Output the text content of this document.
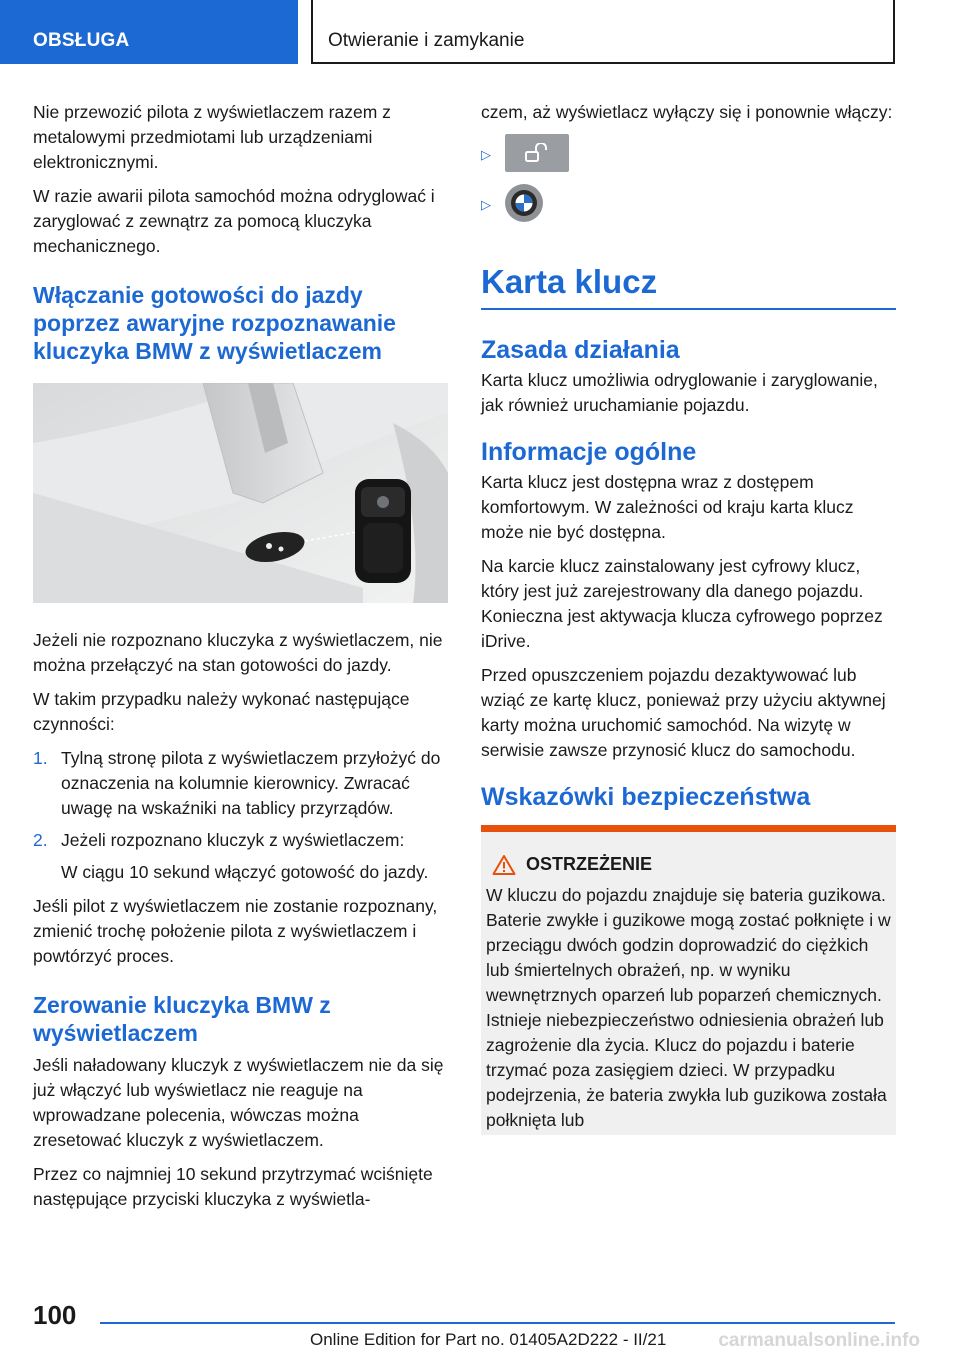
OBSŁUGA	Otwieranie i zamykanie

Nie przewozić pilota z wyświetlaczem razem z metalowymi przedmiotami lub urządzeniami elektronicznymi.

W razie awarii pilota samochód można odryglować i zaryglować z zewnątrz za pomocą kluczyka mechanicznego.

Włączanie gotowości do jazdy poprzez awaryjne rozpoznawanie kluczyka BMW z wyświetlaczem

Jeżeli nie rozpoznano kluczyka z wyświetlaczem, nie można przełączyć na stan gotowości do jazdy.

W takim przypadku należy wykonać następujące czynności:

1. Tylną stronę pilota z wyświetlaczem przyłożyć do oznaczenia na kolumnie kierownicy. Zwracać uwagę na wskaźniki na tablicy przyrządów.
2. Jeżeli rozpoznano kluczyk z wyświetlaczem:

W ciągu 10 sekund włączyć gotowość do jazdy.

Jeśli pilot z wyświetlaczem nie zostanie rozpoznany, zmienić trochę położenie pilota z wyświetlaczem i powtórzyć proces.

Zerowanie kluczyka BMW z wyświetlaczem

Jeśli naładowany kluczyk z wyświetlaczem nie da się już włączyć lub wyświetlacz nie reaguje na wprowadzane polecenia, wówczas można zresetować kluczyk z wyświetlaczem.

Przez co najmniej 10 sekund przytrzymać wciśnięte następujące przyciski kluczyka z wyświetla-

czem, aż wyświetlacz wyłączy się i ponownie włączy:

▷
▷
Karta klucz
Zasada działania

Karta klucz umożliwia odryglowanie i zaryglowanie, jak również uruchamianie pojazdu.

Informacje ogólne

Karta klucz jest dostępna wraz z dostępem komfortowym. W zależności od kraju karta klucz może nie być dostępna.

Na karcie klucz zainstalowany jest cyfrowy klucz, który jest już zarejestrowany dla danego pojazdu. Konieczna jest aktywacja klucza cyfrowego poprzez iDrive.

Przed opuszczeniem pojazdu dezaktywować lub wziąć ze kartę klucz, ponieważ przy użyciu aktywnej karty można uruchomić samochód. Na wizytę w serwisie zawsze przynosić klucz do samochodu.

Wskazówki bezpieczeństwa
OSTRZEŻENIE

W kluczu do pojazdu znajduje się bateria guzikowa. Baterie zwykłe i guzikowe mogą zostać połknięte i w przeciągu dwóch godzin doprowadzić do ciężkich lub śmiertelnych obrażeń, np. w wyniku wewnętrznych oparzeń lub poparzeń chemicznych. Istnieje niebezpieczeństwo odniesienia obrażeń lub zagrożenie dla życia. Klucz do pojazdu i baterie trzymać poza zasięgiem dzieci. W przypadku podejrzenia, że bateria zwykła lub guzikowa została połknięta lub

100
Online Edition for Part no. 01405A2D222 - II/21	carmanualsonline.info
